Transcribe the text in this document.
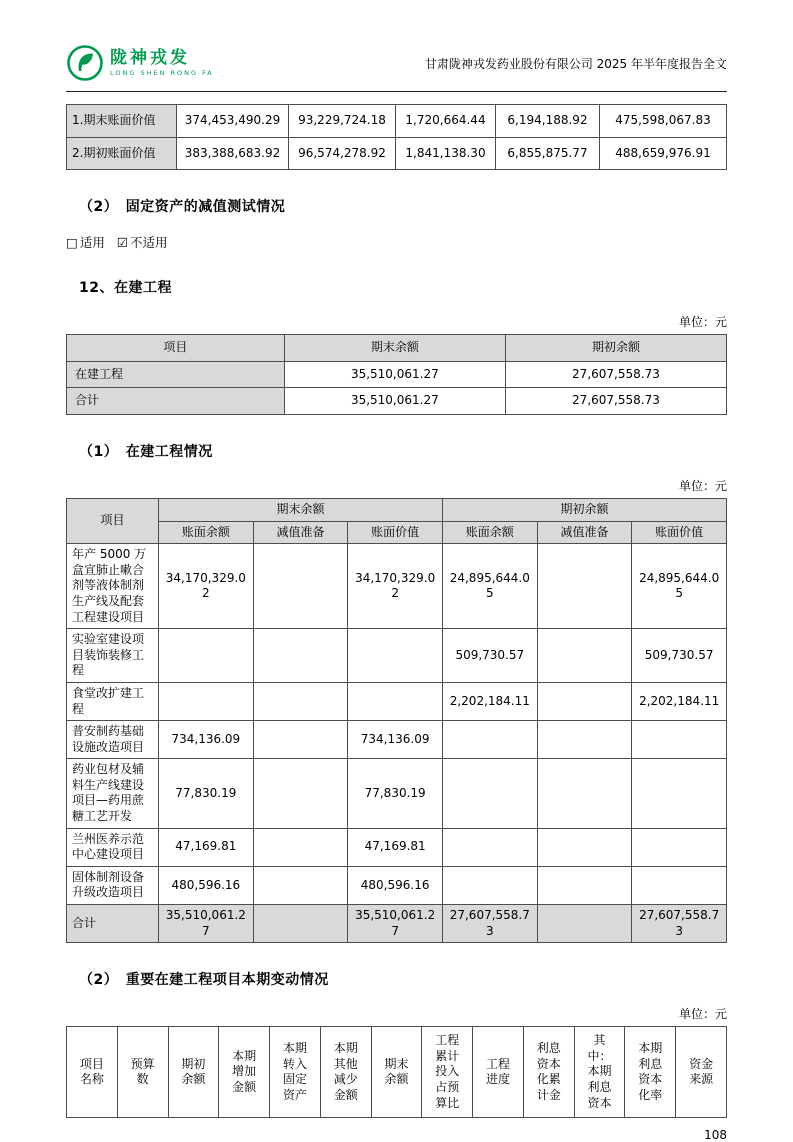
陇神戎发
LONG SHEN RONG FA
甘肃陇神戎发药业股份有限公司 2025 年半年度报告全文
1.期末账面价值	374,453,490.29	93,229,724.18	1,720,664.44	6,194,188.92	475,598,067.83
2.期初账面价值	383,388,683.92	96,574,278.92	1,841,138.30	6,855,875.77	488,659,976.91
（2）　固定资产的减值测试情况
□ 适用 ☑ 不适用
12、在建工程
单位：元
项目	期末余额	期初余额
在建工程	35,510,061.27	27,607,558.73
合计	35,510,061.27	27,607,558.73
（1）　在建工程情况
单位：元
项目	期末余额			期初余额		
	账面余额	减值准备	账面价值	账面余额	减值准备	账面价值
年产 5000 万盒宣肺止嗽合剂等液体制剂生产线及配套工程建设项目	34,170,329.02		34,170,329.02	24,895,644.05		24,895,644.05
实验室建设项目装饰装修工程				509,730.57		509,730.57
食堂改扩建工程				2,202,184.11		2,202,184.11
普安制药基础设施改造项目	734,136.09		734,136.09			
药业包材及辅料生产线建设项目—药用蔗糖工艺开发	77,830.19		77,830.19			
兰州医养示范中心建设项目	47,169.81		47,169.81			
固体制剂设备升级改造项目	480,596.16		480,596.16			
合计	35,510,061.27		35,510,061.27	27,607,558.73		27,607,558.73
（2）　重要在建工程项目本期变动情况
单位：元
项目名称	预算数	期初余额	本期增加金额	本期转入固定资产	本期其他减少金额	期末余额	工程累计投入占预算比	工程进度	利息资本化累计金	其中：本期利息资本	本期利息资本化率	资金来源
108
